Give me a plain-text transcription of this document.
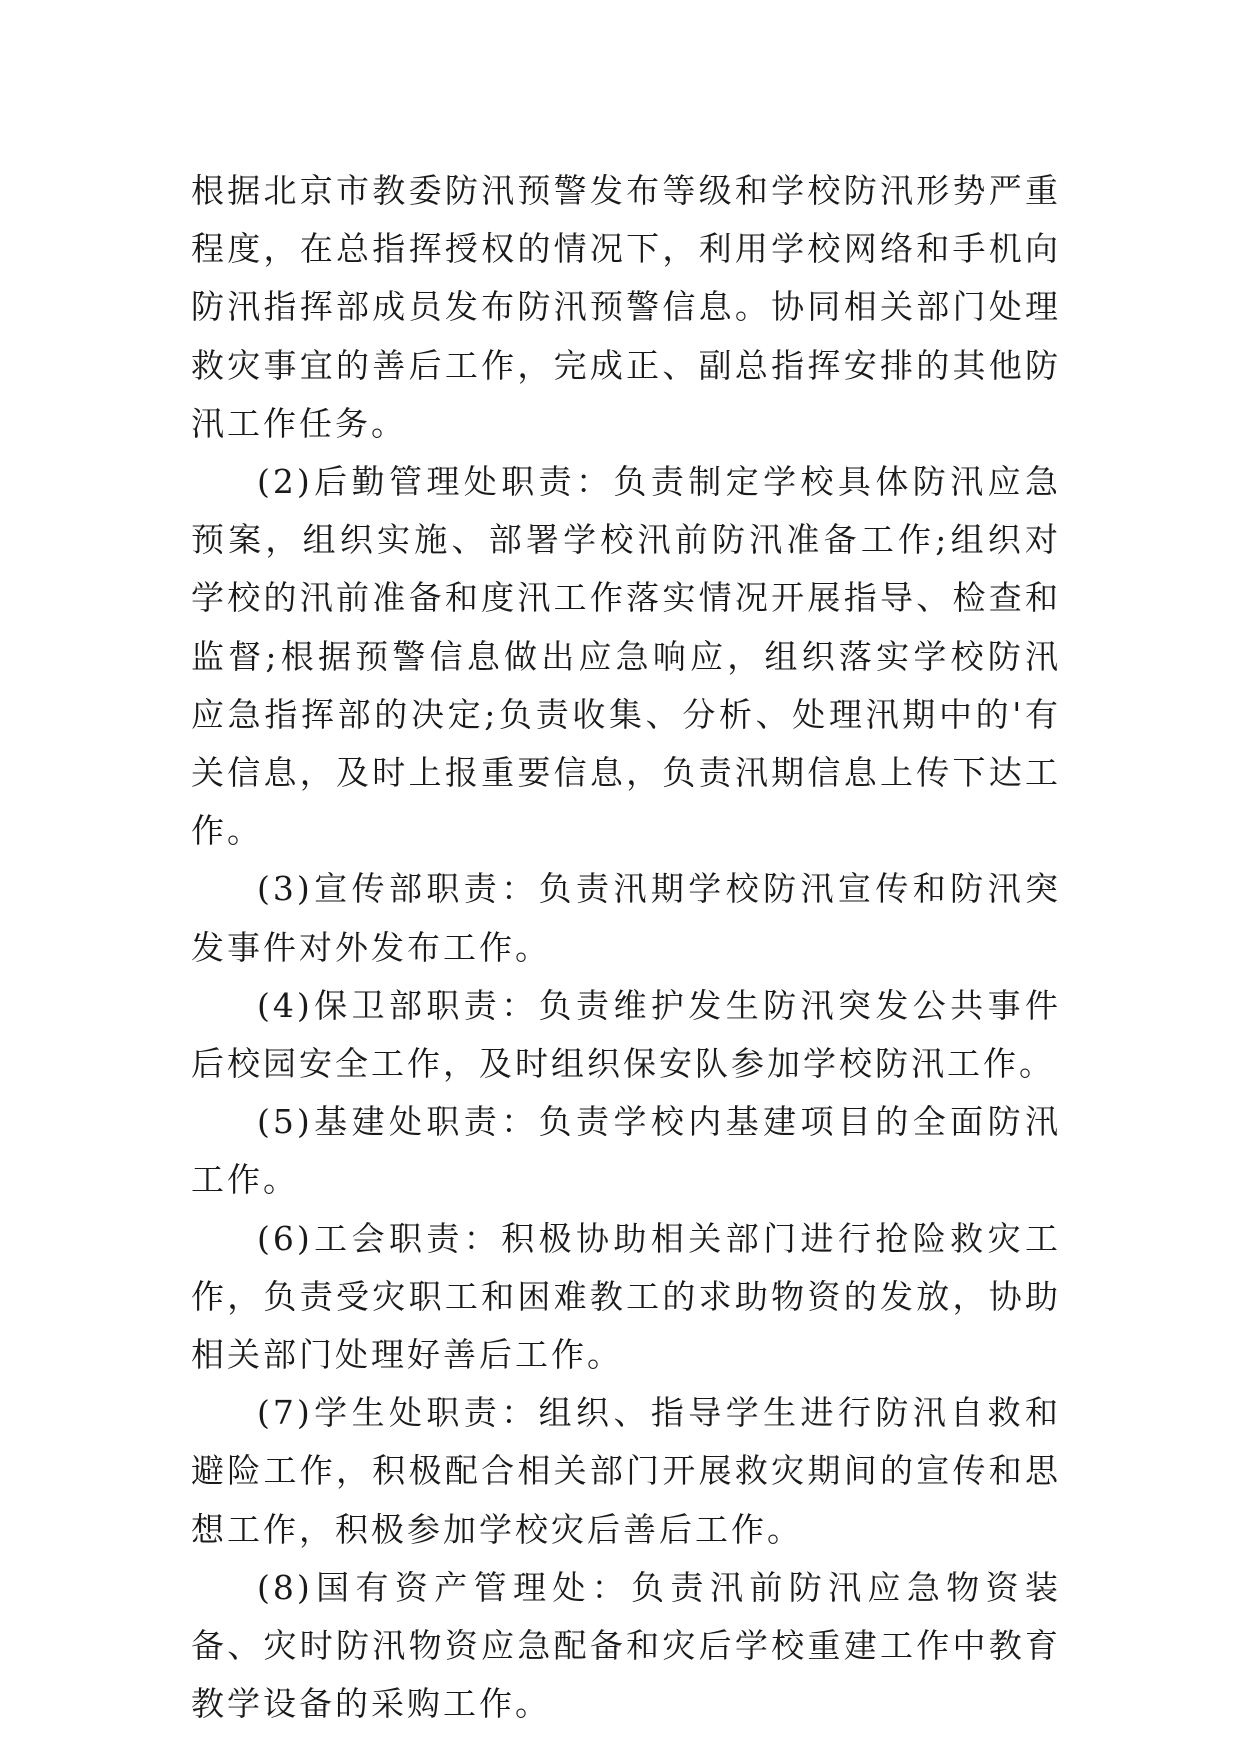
根据北京市教委防汛预警发布等级和学校防汛形势严重程度，在总指挥授权的情况下，利用学校网络和手机向防汛指挥部成员发布防汛预警信息。协同相关部门处理救灾事宜的善后工作，完成正、副总指挥安排的其他防汛工作任务。

(2)后勤管理处职责：负责制定学校具体防汛应急预案，组织实施、部署学校汛前防汛准备工作;组织对学校的汛前准备和度汛工作落实情况开展指导、检查和监督;根据预警信息做出应急响应，组织落实学校防汛应急指挥部的决定;负责收集、分析、处理汛期中的'有关信息，及时上报重要信息，负责汛期信息上传下达工作。

(3)宣传部职责：负责汛期学校防汛宣传和防汛突发事件对外发布工作。

(4)保卫部职责：负责维护发生防汛突发公共事件后校园安全工作，及时组织保安队参加学校防汛工作。

(5)基建处职责：负责学校内基建项目的全面防汛工作。

(6)工会职责：积极协助相关部门进行抢险救灾工作，负责受灾职工和困难教工的求助物资的发放，协助相关部门处理好善后工作。

(7)学生处职责：组织、指导学生进行防汛自救和避险工作，积极配合相关部门开展救灾期间的宣传和思想工作，积极参加学校灾后善后工作。

(8)国有资产管理处：负责汛前防汛应急物资装备、灾时防汛物资应急配备和灾后学校重建工作中教育教学设备的采购工作。
